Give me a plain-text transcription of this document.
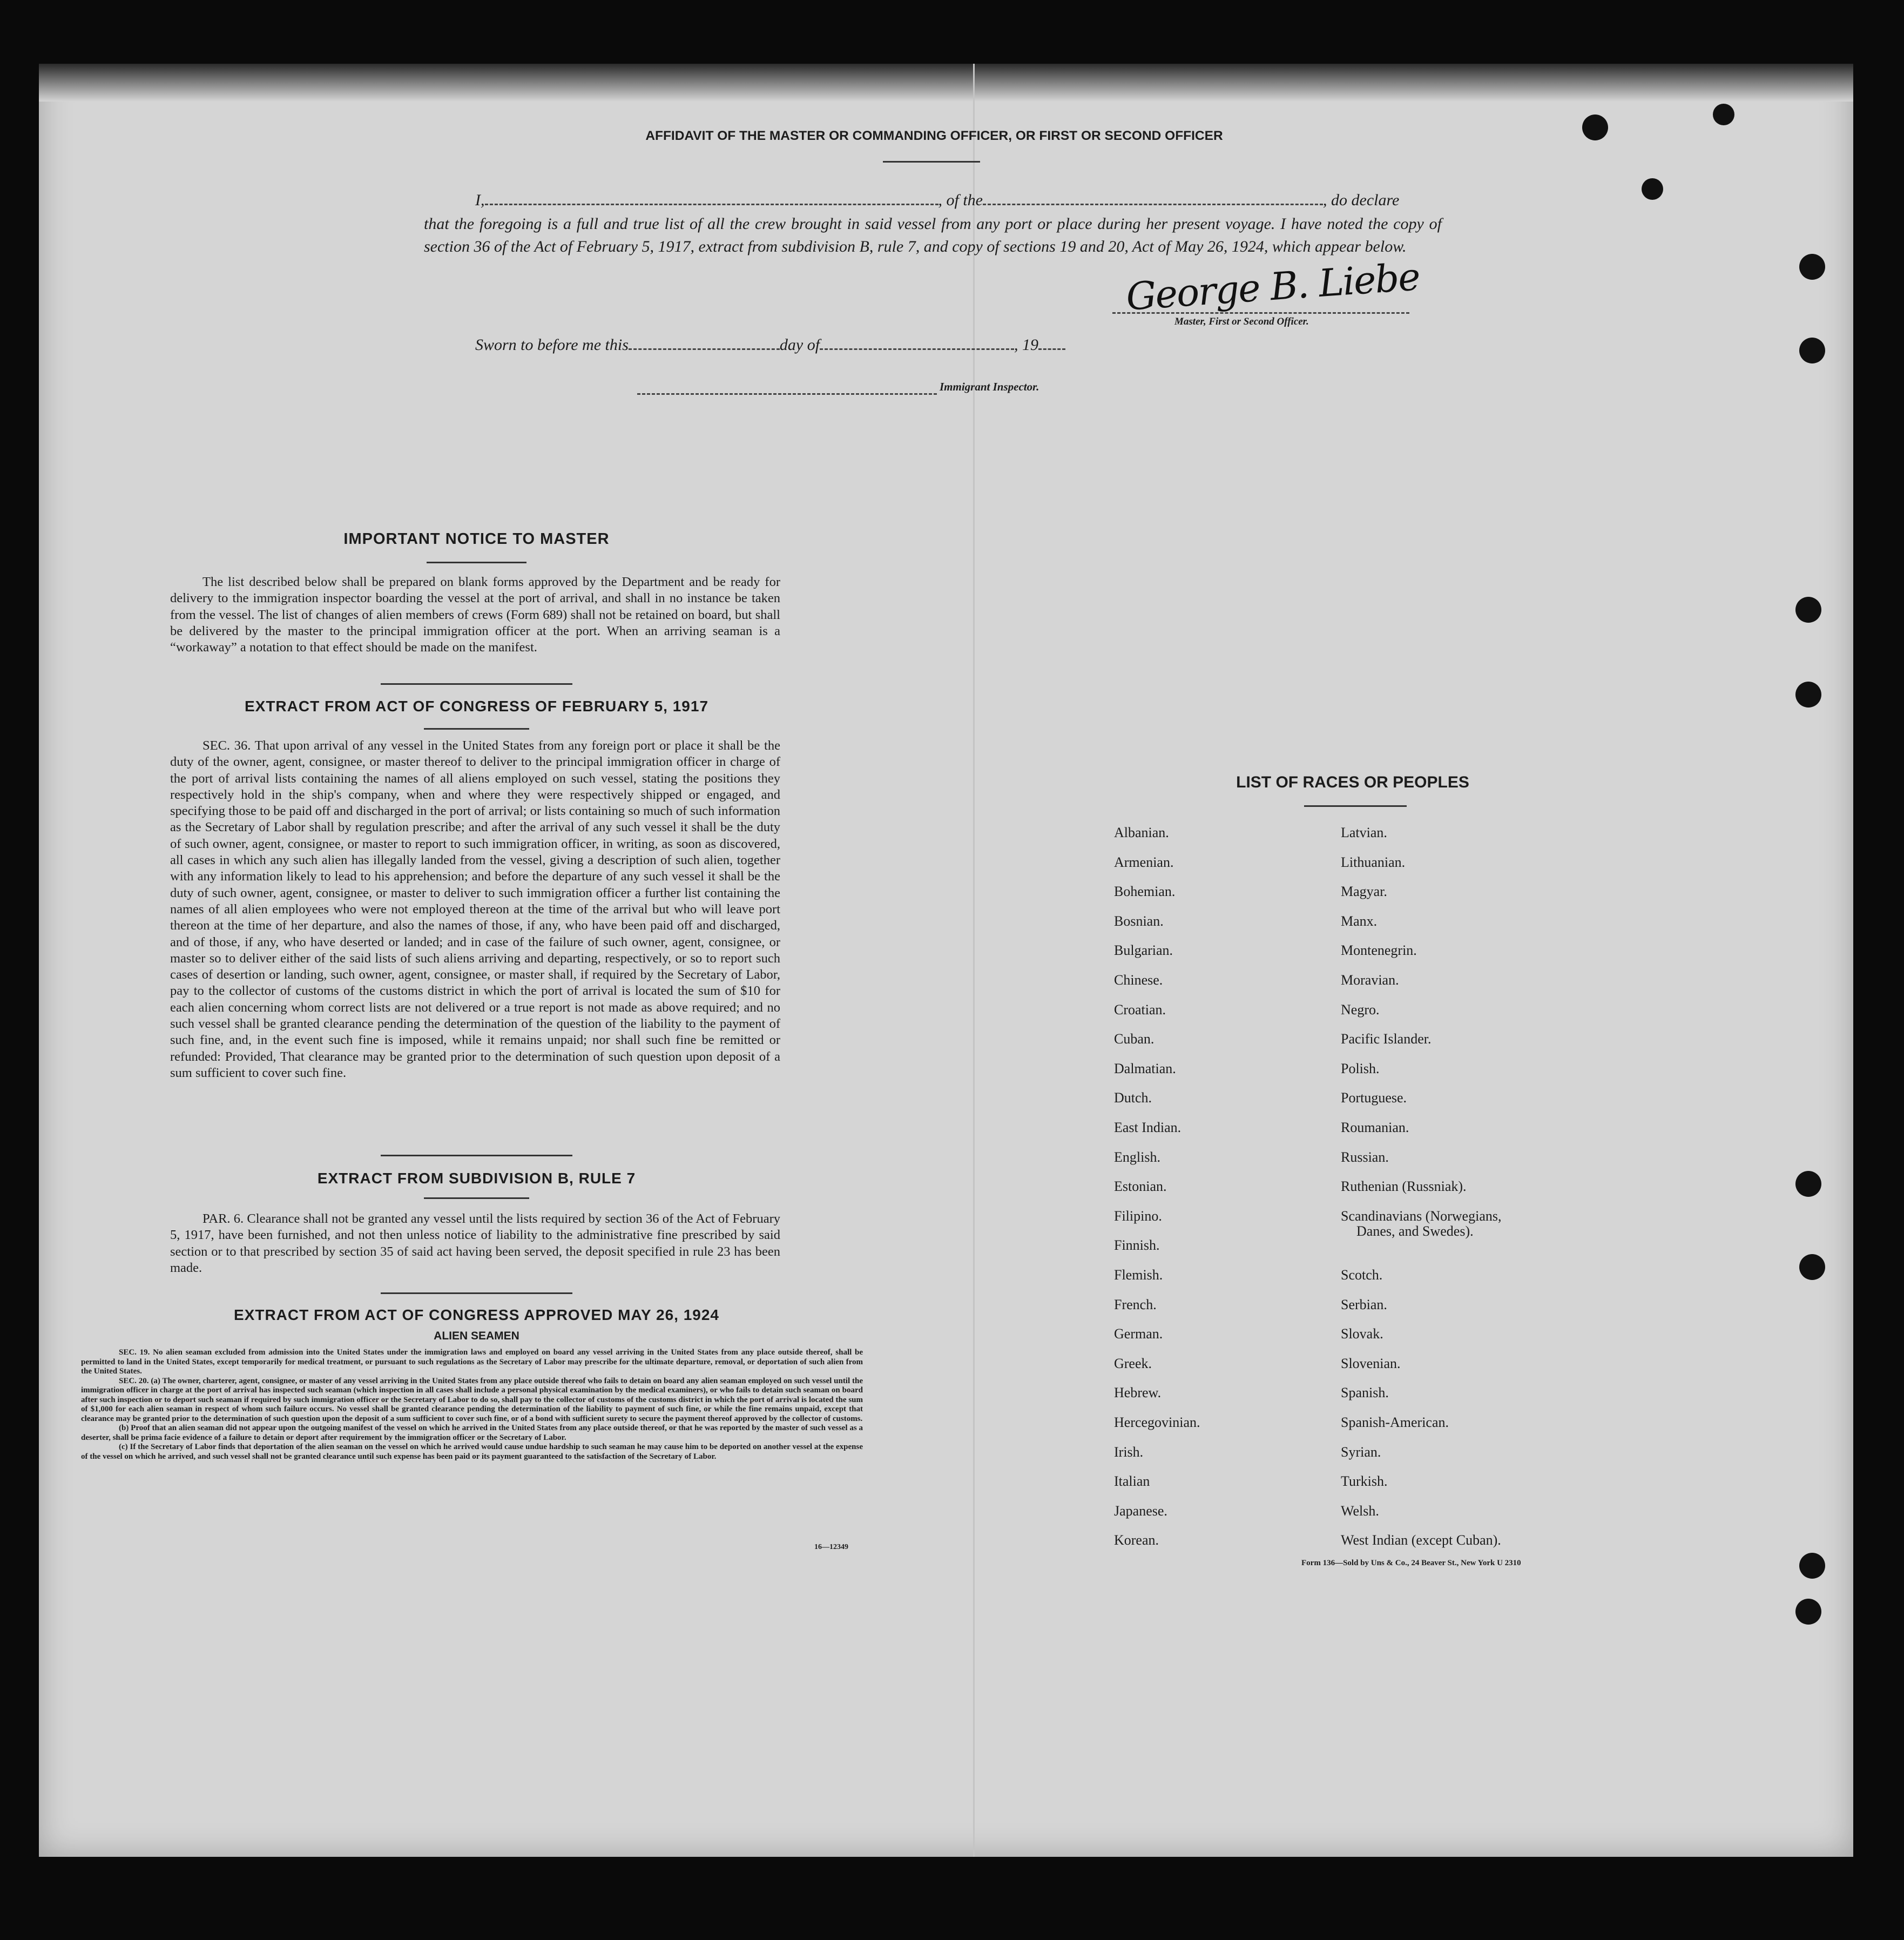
AFFIDAVIT OF THE MASTER OR COMMANDING OFFICER, OR FIRST OR SECOND OFFICER
I,	, of the	, do declare
that the foregoing is a full and true list of all the crew brought in said vessel from any port or place during her present voyage. I have noted the copy of section 36 of the Act of February 5, 1917, extract from subdivision B, rule 7, and copy of sections 19 and 20, Act of May 26, 1924, which appear below.
George B. Liebe
Master, First or Second Officer.
Sworn to before me this	day of	, 19
Immigrant Inspector.
IMPORTANT NOTICE TO MASTER
The list described below shall be prepared on blank forms approved by the Department and be ready for delivery to the immigration inspector boarding the vessel at the port of arrival, and shall in no instance be taken from the vessel. The list of changes of alien members of crews (Form 689) shall not be retained on board, but shall be delivered by the master to the principal immigration officer at the port. When an arriving seaman is a “workaway” a notation to that effect should be made on the manifest.
EXTRACT FROM ACT OF CONGRESS OF FEBRUARY 5, 1917
SEC. 36. That upon arrival of any vessel in the United States from any foreign port or place it shall be the duty of the owner, agent, consignee, or master thereof to deliver to the principal immigration officer in charge of the port of arrival lists containing the names of all aliens employed on such vessel, stating the positions they respectively hold in the ship's company, when and where they were respectively shipped or engaged, and specifying those to be paid off and discharged in the port of arrival; or lists containing so much of such information as the Secretary of Labor shall by regulation prescribe; and after the arrival of any such vessel it shall be the duty of such owner, agent, consignee, or master to report to such immigration officer, in writing, as soon as discovered, all cases in which any such alien has illegally landed from the vessel, giving a description of such alien, together with any information likely to lead to his apprehension; and before the departure of any such vessel it shall be the duty of such owner, agent, consignee, or master to deliver to such immigration officer a further list containing the names of all alien employees who were not employed thereon at the time of the arrival but who will leave port thereon at the time of her departure, and also the names of those, if any, who have been paid off and discharged, and of those, if any, who have deserted or landed; and in case of the failure of such owner, agent, consignee, or master so to deliver either of the said lists of such aliens arriving and departing, respectively, or so to report such cases of desertion or landing, such owner, agent, consignee, or master shall, if required by the Secretary of Labor, pay to the collector of customs of the customs district in which the port of arrival is located the sum of $10 for each alien concerning whom correct lists are not delivered or a true report is not made as above required; and no such vessel shall be granted clearance pending the determination of the question of the liability to the payment of such fine, and, in the event such fine is imposed, while it remains unpaid; nor shall such fine be remitted or refunded: Provided, That clearance may be granted prior to the determination of such question upon deposit of a sum sufficient to cover such fine.
EXTRACT FROM SUBDIVISION B, RULE 7
PAR. 6. Clearance shall not be granted any vessel until the lists required by section 36 of the Act of February 5, 1917, have been furnished, and not then unless notice of liability to the administrative fine prescribed by said section or to that prescribed by section 35 of said act having been served, the deposit specified in rule 23 has been made.
EXTRACT FROM ACT OF CONGRESS APPROVED MAY 26, 1924
ALIEN SEAMEN
SEC. 19. No alien seaman excluded from admission into the United States under the immigration laws and employed on board any vessel arriving in the United States from any place outside thereof, shall be permitted to land in the United States, except temporarily for medical treatment, or pursuant to such regulations as the Secretary of Labor may prescribe for the ultimate departure, removal, or deportation of such alien from the United States.
SEC. 20. (a) The owner, charterer, agent, consignee, or master of any vessel arriving in the United States from any place outside thereof who fails to detain on board any alien seaman employed on such vessel until the immigration officer in charge at the port of arrival has inspected such seaman (which inspection in all cases shall include a personal physical examination by the medical examiners), or who fails to detain such seaman on board after such inspection or to deport such seaman if required by such immigration officer or the Secretary of Labor to do so, shall pay to the collector of customs of the customs district in which the port of arrival is located the sum of $1,000 for each alien seaman in respect of whom such failure occurs. No vessel shall be granted clearance pending the determination of the liability to payment of such fine, or while the fine remains unpaid, except that clearance may be granted prior to the determination of such question upon the deposit of a sum sufficient to cover such fine, or of a bond with sufficient surety to secure the payment thereof approved by the collector of customs.
(b) Proof that an alien seaman did not appear upon the outgoing manifest of the vessel on which he arrived in the United States from any place outside thereof, or that he was reported by the master of such vessel as a deserter, shall be prima facie evidence of a failure to detain or deport after requirement by the immigration officer or the Secretary of Labor.
(c) If the Secretary of Labor finds that deportation of the alien seaman on the vessel on which he arrived would cause undue hardship to such seaman he may cause him to be deported on another vessel at the expense of the vessel on which he arrived, and such vessel shall not be granted clearance until such expense has been paid or its payment guaranteed to the satisfaction of the Secretary of Labor.
16—12349
LIST OF RACES OR PEOPLES
Albanian.
Armenian.
Bohemian.
Bosnian.
Bulgarian.
Chinese.
Croatian.
Cuban.
Dalmatian.
Dutch.
East Indian.
English.
Estonian.
Filipino.
Finnish.
Flemish.
French.
German.
Greek.
Hebrew.
Hercegovinian.
Irish.
Italian
Japanese.
Korean.
Latvian.
Lithuanian.
Magyar.
Manx.
Montenegrin.
Moravian.
Negro.
Pacific Islander.
Polish.
Portuguese.
Roumanian.
Russian.
Ruthenian (Russniak).
Scandinavians (Norwegians,
Danes, and Swedes).
Scotch.
Serbian.
Slovak.
Slovenian.
Spanish.
Spanish-American.
Syrian.
Turkish.
Welsh.
West Indian (except Cuban).
Form 136—Sold by Uns & Co., 24 Beaver St., New York U 2310
